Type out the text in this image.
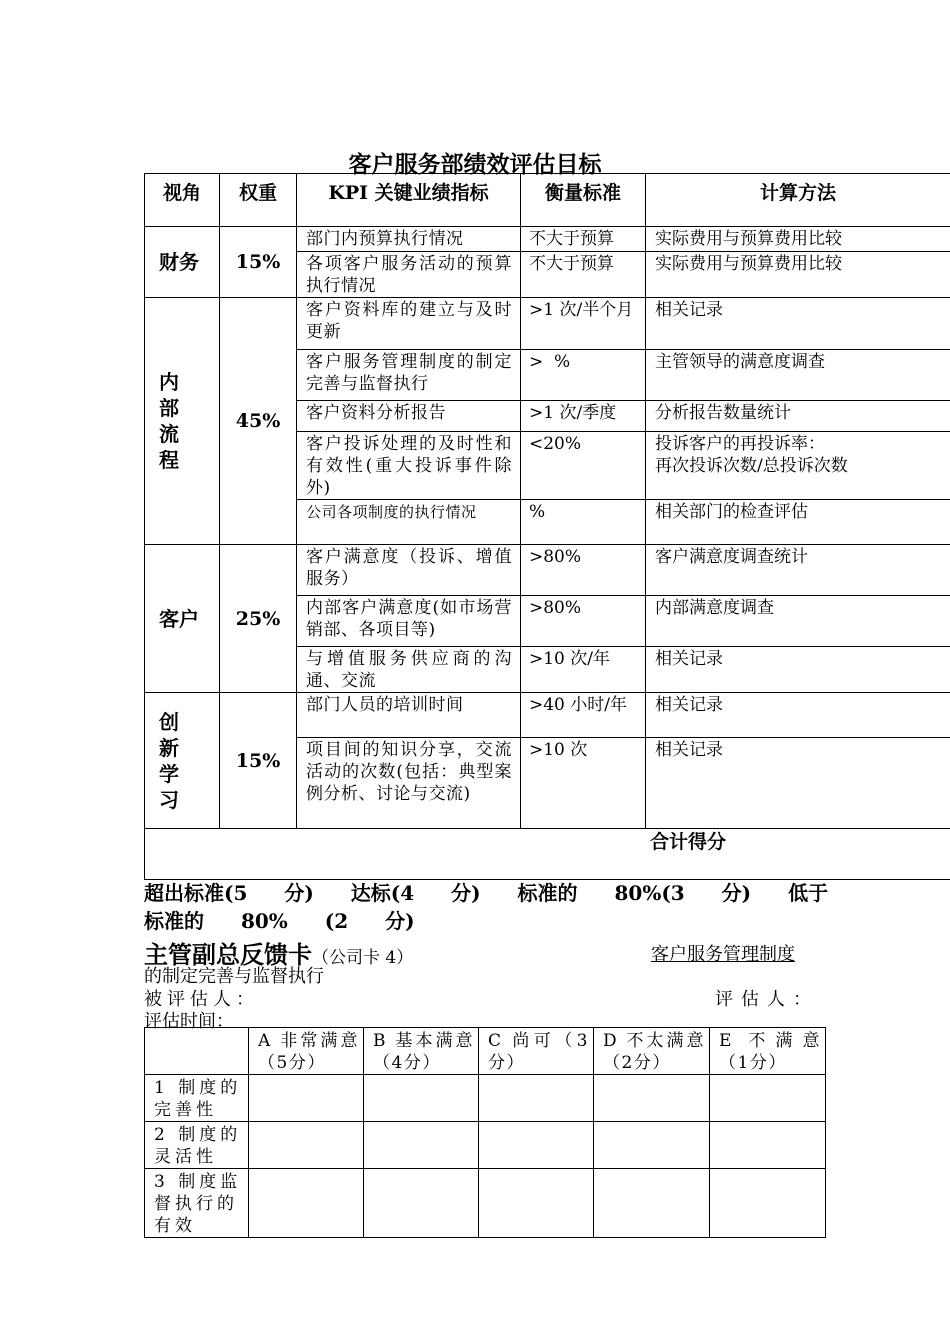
客户服务部绩效评估目标
视角	权重	KPI 关键业绩指标	衡量标准	计算方法
财务	15%	部门内预算执行情况	不大于预算	实际费用与预算费用比较
		各项客户服务活动的预算执行情况	不大于预算	实际费用与预算费用比较
内部流程	45%	客户资料库的建立与及时更新	>1 次/半个月	相关记录
		客户服务管理制度的制定完善与监督执行	>  %	主管领导的满意度调查
		客户资料分析报告	>1 次/季度	分析报告数量统计
		客户投诉处理的及时性和有效性(重大投诉事件除外)	<20%	投诉客户的再投诉率：
再次投诉次数/总投诉次数

		公司各项制度的执行情况	%	相关部门的检查评估
客户	25%	客户满意度（投诉、增值服务）	>80%	客户满意度调查统计
		内部客户满意度(如市场营销部、各项目等)	>80%	内部满意度调查
		与增值服务供应商的沟通、交流	>10 次/年	相关记录
创新学习	15%	部门人员的培训时间	>40 小时/年	相关记录
		项目间的知识分享，交流活动的次数(包括：典型案例分析、讨论与交流)	>10 次	相关记录
合计得分				
超出标准(5 分) 达标(4 分) 标准的 80%(3 分) 低于标准的 80% (2 分)
主管副总反馈卡（公司卡 4）	客户服务管理制度
的制定完善与监督执行
被评估人：	评估人：
评估时间：
	A 非常满意（5分）	B 基本满意（4分）	C 尚可（3分）	D 不太满意（2分）	E 不满意（1分）
1 制度的完善性					
2 制度的灵活性					
3 制度监督执行的有效					
